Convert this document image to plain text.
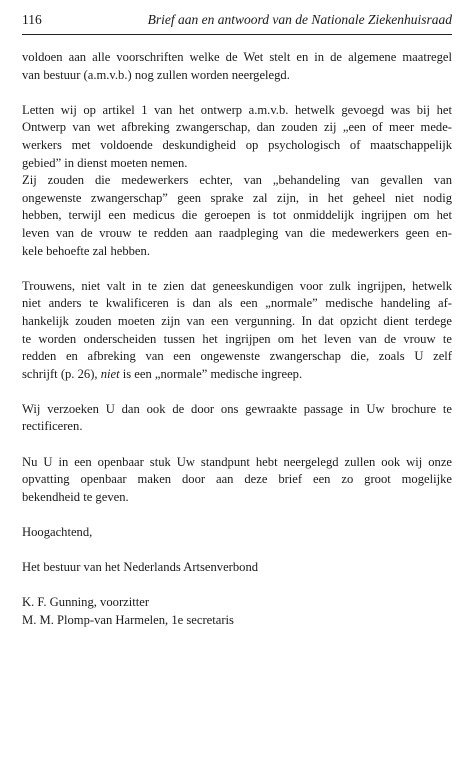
116	Brief aan en antwoord van de Nationale Ziekenhuisraad
voldoen aan alle voorschriften welke de Wet stelt en in de algemene maatregel
van bestuur (a.m.v.b.) nog zullen worden neergelegd.
Letten wij op artikel 1 van het ontwerp a.m.v.b. hetwelk gevoegd was bij het
Ontwerp van wet afbreking zwangerschap, dan zouden zij „een of meer mede-
werkers met voldoende deskundigheid op psychologisch of maatschappelijk
gebied” in dienst moeten nemen.
Zij zouden die medewerkers echter, van „behandeling van gevallen van
ongewenste zwangerschap” geen sprake zal zijn, in het geheel niet nodig
hebben, terwijl een medicus die geroepen is tot onmiddelijk ingrijpen om het
leven van de vrouw te redden aan raadpleging van die medewerkers geen en-
kele behoefte zal hebben.
Trouwens, niet valt in te zien dat geneeskundigen voor zulk ingrijpen, hetwelk
niet anders te kwalificeren is dan als een „normale” medische handeling af-
hankelijk zouden moeten zijn van een vergunning. In dat opzicht dient terdege
te worden onderscheiden tussen het ingrijpen om het leven van de vrouw te
redden en afbreking van een ongewenste zwangerschap die, zoals U zelf
schrijft (p. 26), niet is een „normale” medische ingreep.
Wij verzoeken U dan ook de door ons gewraakte passage in Uw brochure te
rectificeren.
Nu U in een openbaar stuk Uw standpunt hebt neergelegd zullen ook wij onze
opvatting openbaar maken door aan deze brief een zo groot mogelijke
bekendheid te geven.
Hoogachtend,
Het bestuur van het Nederlands Artsenverbond
K. F. Gunning, voorzitter
M. M. Plomp-van Harmelen, 1e secretaris
